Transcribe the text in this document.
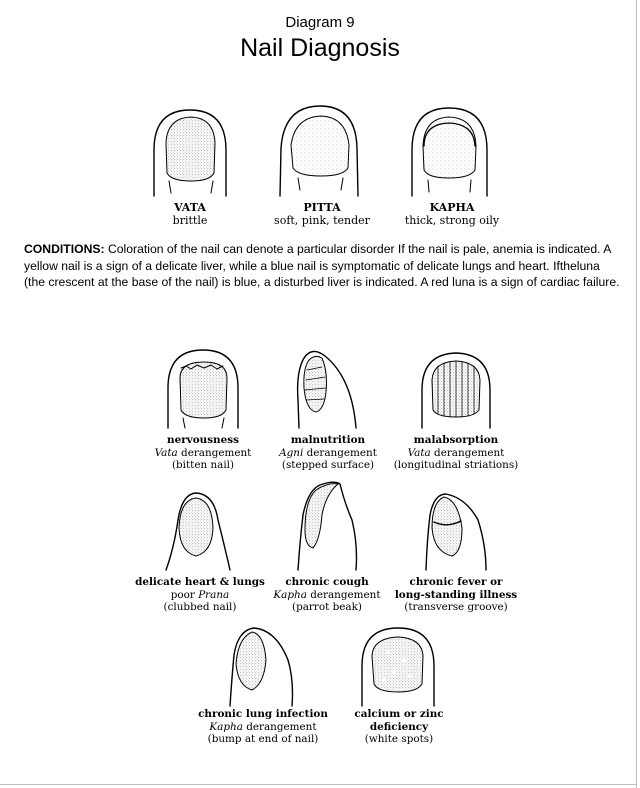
Diagram 9
Nail Diagnosis
VATA
brittle
PITTA
soft, pink, tender
KAPHA
thick, strong oily
CONDITIONS: Coloration of the nail can denote a particular disorder If the nail is pale, anemia is indicated. A yellow nail is a sign of a delicate liver, while a blue nail is symptomatic of delicate lungs and heart. Iftheluna (the crescent at the base of the nail) is blue, a disturbed liver is indicated. A red luna is a sign of cardiac failure.
nervousness
Vata derangement
(bitten nail)
malnutrition
Agni derangement
(stepped surface)
malabsorption
Vata derangement
(longitudinal striations)
delicate heart & lungs
poor Prana
(clubbed nail)
chronic cough
Kapha derangement
(parrot beak)
chronic fever or
long-standing illness
(transverse groove)
chronic lung infection
Kapha derangement
(bump at end of nail)
calcium or zinc
deficiency
(white spots)
